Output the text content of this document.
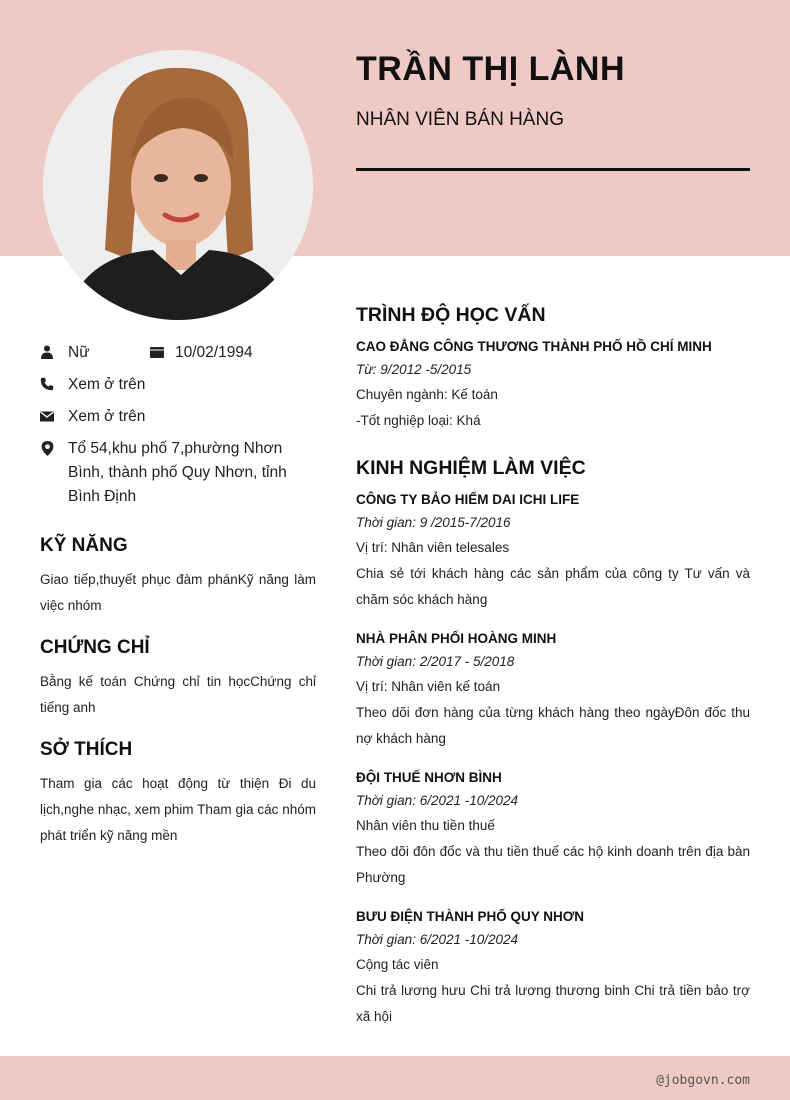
TRẦN THỊ LÀNH
NHÂN VIÊN BÁN HÀNG
Nữ	10/02/1994
Xem ở trên
Xem ở trên
Tổ 54,khu phố 7,phường Nhơn
Bình, thành phố Quy Nhơn, tỉnh
Bình Định
KỸ NĂNG
Giao tiếp,thuyết phục đàm phánKỹ năng làm việc nhóm
CHỨNG CHỈ
Bằng kế toán Chứng chỉ tin họcChứng chỉ tiếng anh
SỞ THÍCH
Tham gia các hoạt động từ thiện Đi du lịch,nghe nhạc, xem phim Tham gia các nhóm phát triển kỹ năng mền
TRÌNH ĐỘ HỌC VẤN
CAO ĐẲNG CÔNG THƯƠNG THÀNH PHỐ HỒ CHÍ MINH
Từ: 9/2012 -5/2015
Chuyên ngành: Kế toán
-Tốt nghiệp loại: Khá
KINH NGHIỆM LÀM VIỆC
CÔNG TY BẢO HIỂM DAI ICHI LIFE
Thời gian: 9 /2015-7/2016
Vị trí: Nhân viên telesales
Chia sẻ tới khách hàng các sản phẩm của công ty Tư vấn và chăm sóc khách hàng
NHÀ PHÂN PHỐI HOÀNG MINH
Thời gian: 2/2017 - 5/2018
Vị trí: Nhân viên kế toán
Theo dõi đơn hàng của từng khách hàng theo ngàyĐôn đốc thu nợ khách hàng
ĐỘI THUẾ NHƠN BÌNH
Thời gian: 6/2021 -10/2024
Nhân viên thu tiền thuế
Theo dõi đôn đốc và thu tiền thuế các hộ kinh doanh trên địa bàn Phường
BƯU ĐIỆN THÀNH PHỐ QUY NHƠN
Thời gian: 6/2021 -10/2024
Cộng tác viên
Chi trả lương hưu Chi trả lương thương binh Chi trả tiền bảo trợ xã hội
@jobgovn.com
